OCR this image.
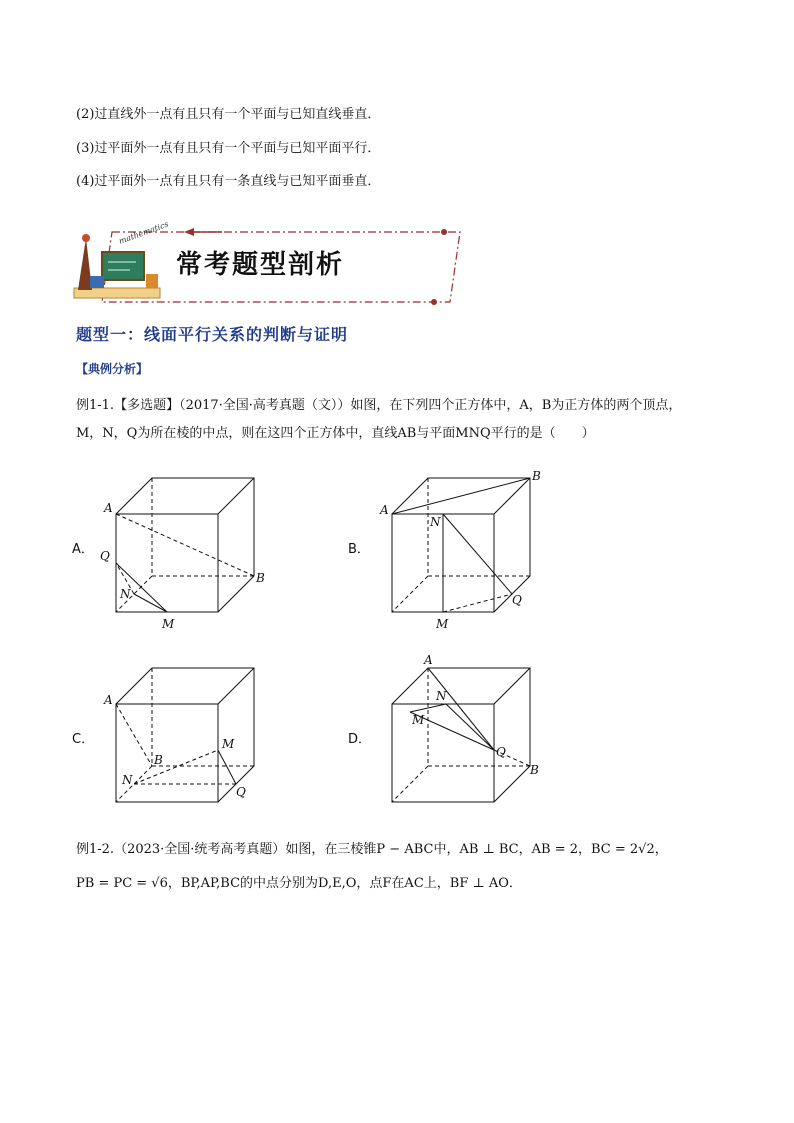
(2)过直线外一点有且只有一个平面与已知直线垂直．
(3)过平面外一点有且只有一个平面与已知平面平行．
(4)过平面外一点有且只有一条直线与已知平面垂直．
mathematics
常考题型剖析
题型一：线面平行关系的判断与证明
【典例分析】
例1-1.【多选题】（2017·全国·高考真题（文））如图，在下列四个正方体中，A，B为正方体的两个顶点，
M，N，Q为所在棱的中点，则在这四个正方体中，直线AB与平面MNQ平行的是（　　）
A．	B．
C．	D．
A
B
Q
N
M
A
B
N
Q
M
A
B
M
N
Q
A
B
N
M
Q
例1-2.（2023·全国·统考高考真题）如图，在三棱锥P − ABC中，AB ⊥ BC，AB = 2，BC = 2√2，
PB = PC = √6，BP,AP,BC的中点分别为D,E,O，点F在AC上，BF ⊥ AO．
